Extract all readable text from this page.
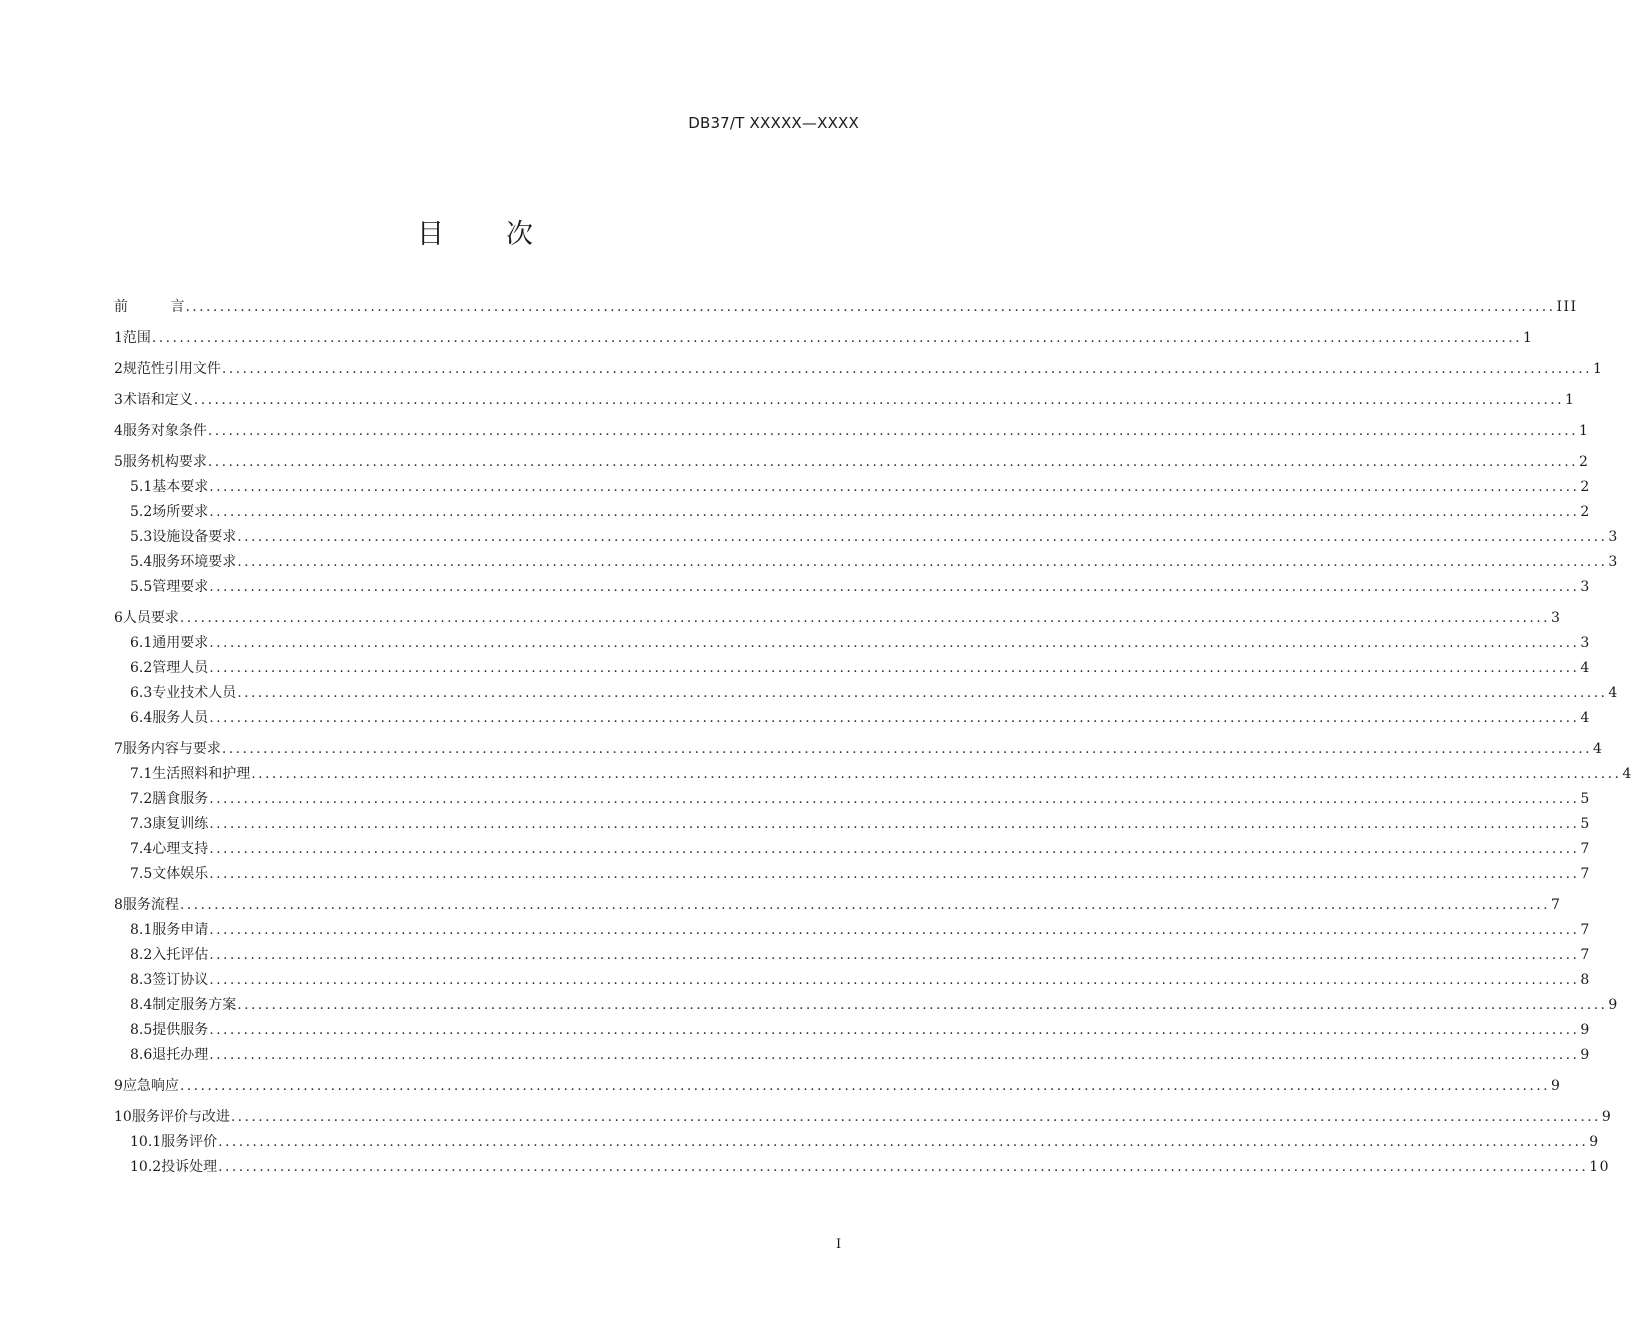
DB37/T XXXXX—XXXX
目 次
前 言 ........................................................................................................................................................................................................ III
1 范围 ........................................................................................................................................................................................................ 1
2 规范性引用文件 ........................................................................................................................................................................................................ 1
3 术语和定义 ........................................................................................................................................................................................................ 1
4 服务对象条件 ........................................................................................................................................................................................................ 1
5 服务机构要求 ........................................................................................................................................................................................................ 2
5.1 基本要求 ........................................................................................................................................................................................................ 2
5.2 场所要求 ........................................................................................................................................................................................................ 2
5.3 设施设备要求 ........................................................................................................................................................................................................ 3
5.4 服务环境要求 ........................................................................................................................................................................................................ 3
5.5 管理要求 ........................................................................................................................................................................................................ 3
6 人员要求 ........................................................................................................................................................................................................ 3
6.1 通用要求 ........................................................................................................................................................................................................ 3
6.2 管理人员 ........................................................................................................................................................................................................ 4
6.3 专业技术人员 ........................................................................................................................................................................................................ 4
6.4 服务人员 ........................................................................................................................................................................................................ 4
7 服务内容与要求 ........................................................................................................................................................................................................ 4
7.1 生活照料和护理 ........................................................................................................................................................................................................ 4
7.2 膳食服务 ........................................................................................................................................................................................................ 5
7.3 康复训练 ........................................................................................................................................................................................................ 5
7.4 心理支持 ........................................................................................................................................................................................................ 7
7.5 文体娱乐 ........................................................................................................................................................................................................ 7
8 服务流程 ........................................................................................................................................................................................................ 7
8.1 服务申请 ........................................................................................................................................................................................................ 7
8.2 入托评估 ........................................................................................................................................................................................................ 7
8.3 签订协议 ........................................................................................................................................................................................................ 8
8.4 制定服务方案 ........................................................................................................................................................................................................ 9
8.5 提供服务 ........................................................................................................................................................................................................ 9
8.6 退托办理 ........................................................................................................................................................................................................ 9
9 应急响应 ........................................................................................................................................................................................................ 9
10 服务评价与改进 ........................................................................................................................................................................................................ 9
10.1 服务评价 ........................................................................................................................................................................................................ 9
10.2 投诉处理 ........................................................................................................................................................................................................ 10
I
